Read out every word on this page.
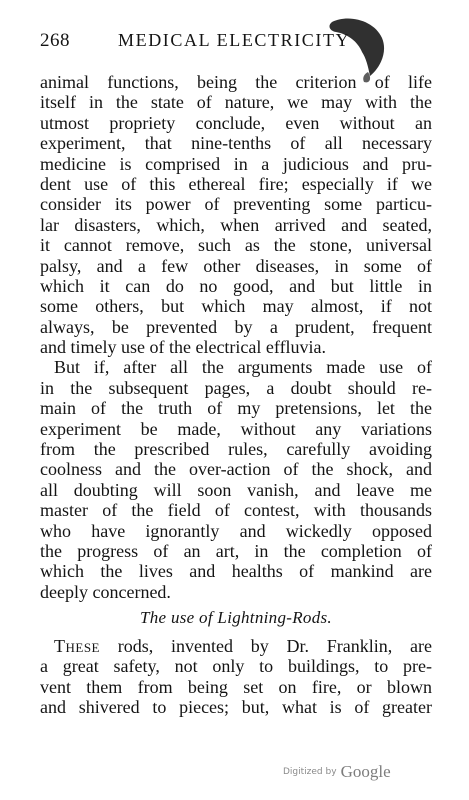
268	MEDICAL ELECTRICITY
animal functions, being the criterion of life
itself in the state of nature, we may with the
utmost propriety conclude, even without an
experiment, that nine-tenths of all necessary
medicine is comprised in a judicious and pru-
dent use of this ethereal fire; especially if we
consider its power of preventing some particu-
lar disasters, which, when arrived and seated,
it cannot remove, such as the stone, universal
palsy, and a few other diseases, in some of
which it can do no good, and but little in
some others, but which may almost, if not
always, be prevented by a prudent, frequent
and timely use of the electrical effluvia.
But if, after all the arguments made use of
in the subsequent pages, a doubt should re-
main of the truth of my pretensions, let the
experiment be made, without any variations
from the prescribed rules, carefully avoiding
coolness and the over-action of the shock, and
all doubting will soon vanish, and leave me
master of the field of contest, with thousands
who have ignorantly and wickedly opposed
the progress of an art, in the completion of
which the lives and healths of mankind are
deeply concerned.
The use of Lightning-Rods.
These rods, invented by Dr. Franklin, are
a great safety, not only to buildings, to pre-
vent them from being set on fire, or blown
and shivered to pieces; but, what is of greater
Digitized by Google
